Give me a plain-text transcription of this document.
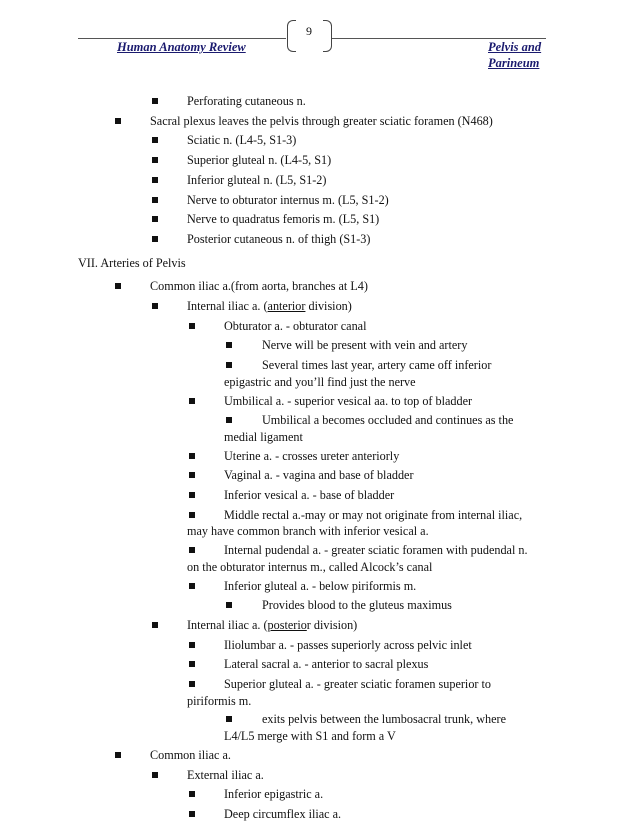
9
Human Anatomy Review	Pelvis and
Parineum
Perforating cutaneous n.
Sacral plexus leaves the pelvis through greater sciatic foramen (N468)
Sciatic n. (L4-5, S1-3)
Superior gluteal n. (L4-5, S1)
Inferior gluteal n. (L5, S1-2)
Nerve to obturator internus m. (L5, S1-2)
Nerve to quadratus femoris m. (L5, S1)
Posterior cutaneous n. of thigh (S1-3)
VII. Arteries of Pelvis
Common iliac a.(from aorta, branches at L4)
Internal iliac a. (anterior division)
Obturator a. - obturator canal
Nerve will be present with vein and artery
Several times last year, artery came off inferior
epigastric and you’ll find just the nerve
Umbilical a. - superior vesical aa. to top of bladder
Umbilical a becomes occluded and continues as the
medial ligament
Uterine a. - crosses ureter anteriorly
Vaginal a. - vagina and base of bladder
Inferior vesical a. - base of bladder
Middle rectal a.-may or may not originate from internal iliac,
may have common branch with inferior vesical a.
Internal pudendal a. - greater sciatic foramen with pudendal n.
on the obturator internus m., called Alcock’s canal
Inferior gluteal a. - below piriformis m.
Provides blood to the gluteus maximus
Internal iliac a. (posterior division)
Iliolumbar a. - passes superiorly across pelvic inlet
Lateral sacral a. - anterior to sacral plexus
Superior gluteal a. - greater sciatic foramen superior to
piriformis m.
exits pelvis between the lumbosacral trunk, where
L4/L5 merge with S1 and form a V
Common iliac a.
External iliac a.
Inferior epigastric a.
Deep circumflex iliac a.
